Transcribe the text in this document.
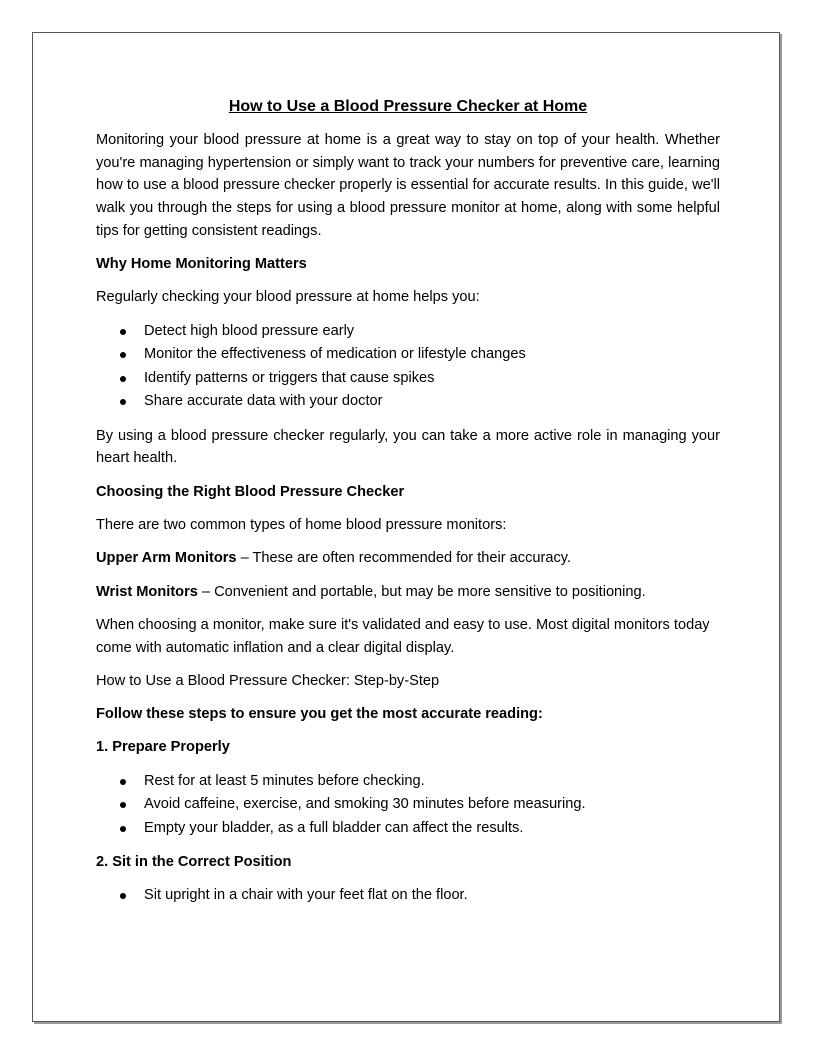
How to Use a Blood Pressure Checker at Home

Monitoring your blood pressure at home is a great way to stay on top of your health. Whether you're managing hypertension or simply want to track your numbers for preventive care, learning how to use a blood pressure checker properly is essential for accurate results. In this guide, we'll walk you through the steps for using a blood pressure monitor at home, along with some helpful tips for getting consistent readings.

Why Home Monitoring Matters

Regularly checking your blood pressure at home helps you:

Detect high blood pressure early
Monitor the effectiveness of medication or lifestyle changes
Identify patterns or triggers that cause spikes
Share accurate data with your doctor

By using a blood pressure checker regularly, you can take a more active role in managing your heart health.

Choosing the Right Blood Pressure Checker

There are two common types of home blood pressure monitors:

Upper Arm Monitors – These are often recommended for their accuracy.

Wrist Monitors – Convenient and portable, but may be more sensitive to positioning.

When choosing a monitor, make sure it's validated and easy to use. Most digital monitors today come with automatic inflation and a clear digital display.

How to Use a Blood Pressure Checker: Step-by-Step

Follow these steps to ensure you get the most accurate reading:

1. Prepare Properly

Rest for at least 5 minutes before checking.
Avoid caffeine, exercise, and smoking 30 minutes before measuring.
Empty your bladder, as a full bladder can affect the results.

2. Sit in the Correct Position

Sit upright in a chair with your feet flat on the floor.
